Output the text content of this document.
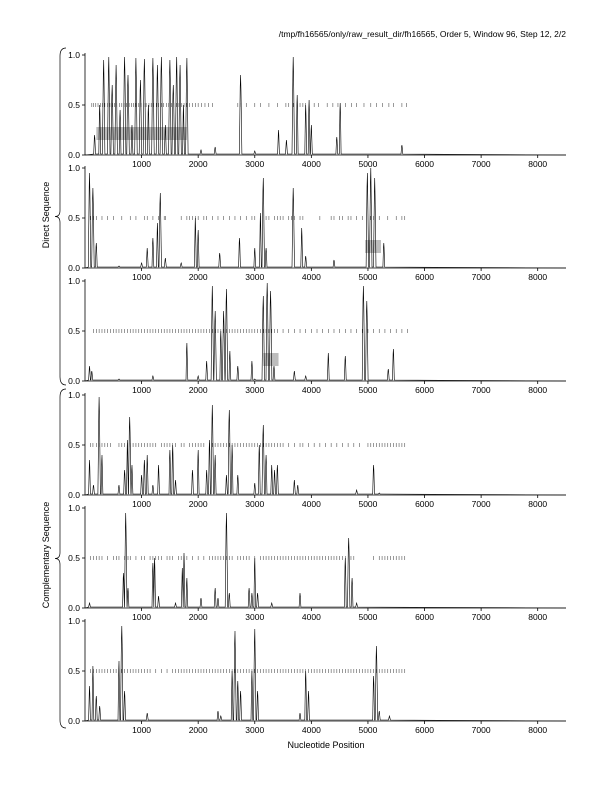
/tmp/fh16565/only/raw_result_dir/fh16565, Order 5, Window 96, Step 12, 2/2
0.0
0.5
1.0
1000	2000	3000	4000	5000	6000	7000	8000
0.0
0.5
1.0
1000	2000	3000	4000	5000	6000	7000	8000
0.0
0.5
1.0
1000	2000	3000	4000	5000	6000	7000	8000
0.0
0.5
1.0
1000	2000	3000	4000	5000	6000	7000	8000
0.0
0.5
1.0
1000	2000	3000	4000	5000	6000	7000	8000
0.0
0.5
1.0
1000	2000	3000	4000	5000	6000	7000	8000
Direct Sequence
Complementary Sequence
Nucleotide Position
